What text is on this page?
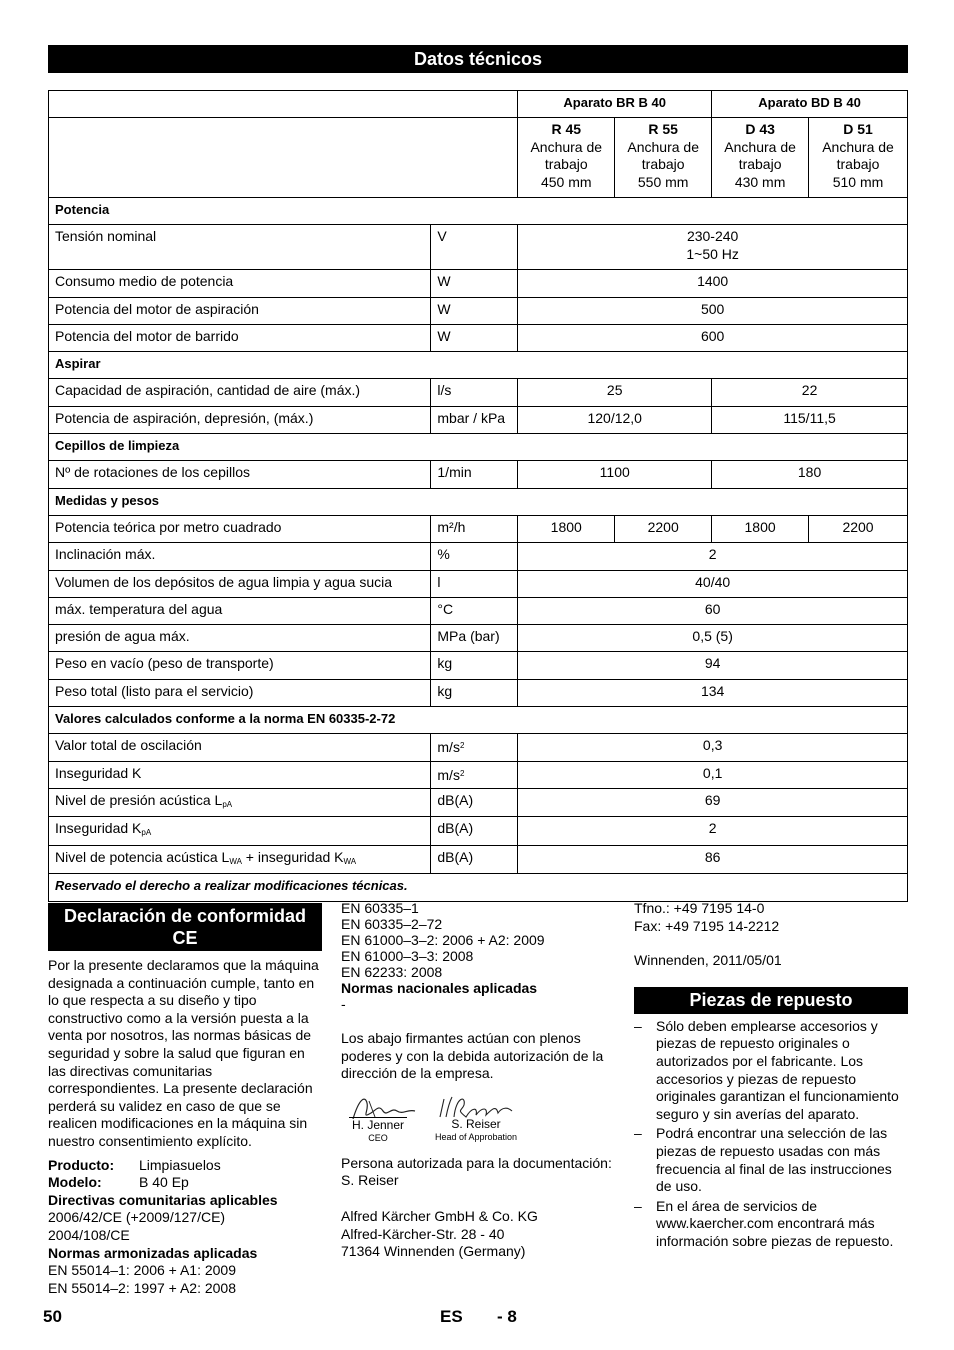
Datos técnicos
		Aparato BR B 40		Aparato BD B 40	
		R 45
Anchura de
trabajo
450 mm	R 55
Anchura de
trabajo
550 mm	D 43
Anchura de
trabajo
430 mm	D 51
Anchura de
trabajo
510 mm
Potencia					
Tensión nominal	V	230-240
1~50 Hz			
Consumo medio de potencia	W	1400			
Potencia del motor de aspiración	W	500			
Potencia del motor de barrido	W	600			
Aspirar					
Capacidad de aspiración, cantidad de aire (máx.)	l/s	25		22	
Potencia de aspiración, depresión, (máx.)	mbar / kPa	120/12,0		115/11,5	
Cepillos de limpieza					
Nº de rotaciones de los cepillos	1/min	1100		180	
Medidas y pesos					
Potencia teórica por metro cuadrado	m²/h	1800	2200	1800	2200
Inclinación máx.	%	2			
Volumen de los depósitos de agua limpia y agua sucia	l	40/40			
máx. temperatura del agua	°C	60			
presión de agua máx.	MPa (bar)	0,5 (5)			
Peso en vacío (peso de transporte)	kg	94			
Peso total (listo para el servicio)	kg	134			
Valores calculados conforme a la norma EN 60335-2-72					
Valor total de oscilación	$m/s^2$	0,3			
Inseguridad K	$m/s^2$	0,1			
Nivel de presión acústica $L_{pA}$	dB(A)	69			
Inseguridad $K_{pA}$	dB(A)	2			
Nivel de potencia acústica $L_{WA}$ + inseguridad $K_{WA}$	dB(A)	86			
Reservado el derecho a realizar modificaciones técnicas.					
Declaración de conformidad CE
Por la presente declaramos que la máquina designada a continuación cumple, tanto en lo que respecta a su diseño y tipo constructivo como a la versión puesta a la venta por nosotros, las normas básicas de seguridad y sobre la salud que figuran en las directivas comunitarias correspondientes. La presente declaración perderá su validez en caso de que se realicen modificaciones en la máquina sin nuestro consentimiento explícito.
Producto:	Limpiasuelos
Modelo:	B 40 Ep
Directivas comunitarias aplicables
2006/42/CE (+2009/127/CE)
2004/108/CE
Normas armonizadas aplicadas
EN 55014–1: 2006 + A1: 2009
EN 55014–2: 1997 + A2: 2008
EN 60335–1
EN 60335–2–72
EN 61000–3–2: 2006 + A2: 2009
EN 61000–3–3: 2008
EN 62233: 2008
Normas nacionales aplicadas
-
Los abajo firmantes actúan con plenos poderes y con la debida autorización de la dirección de la empresa.
H. Jenner
CEO
S. Reiser
Head of Approbation
Persona autorizada para la documentación:
S. Reiser
Alfred Kärcher GmbH & Co. KG
Alfred-Kärcher-Str. 28 - 40
71364 Winnenden (Germany)
Tfno.: +49 7195 14-0
Fax: +49 7195 14-2212
Winnenden, 2011/05/01
Piezas de repuesto
–	Sólo deben emplearse accesorios y piezas de repuesto originales o autorizados por el fabricante. Los accesorios y piezas de repuesto originales garantizan el funcionamiento seguro y sin averías del aparato.
–	Podrá encontrar una selección de las piezas de repuesto usadas con más frecuencia al final de las instrucciones de uso.
–	En el área de servicios de www.kaercher.com encontrará más información sobre piezas de repuesto.
50	ES - 8
